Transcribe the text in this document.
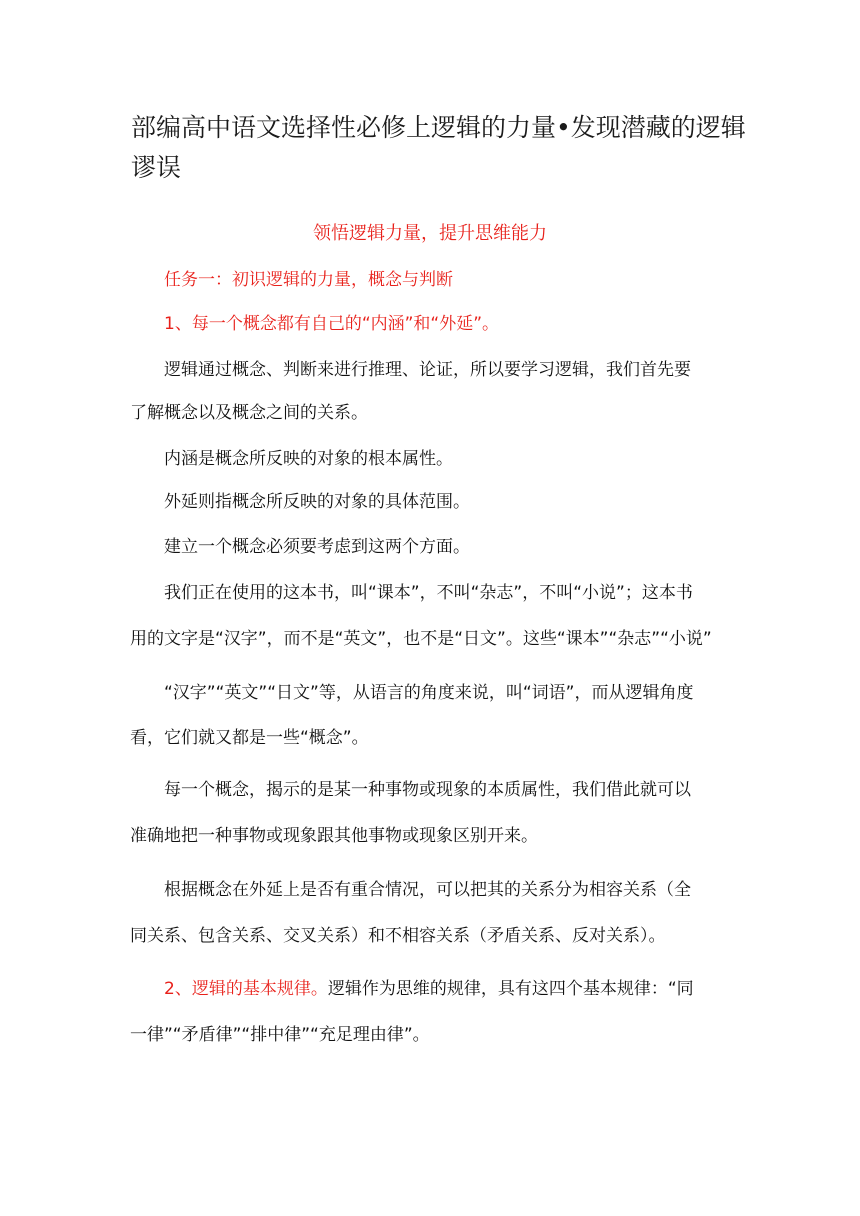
部编高中语文选择性必修上逻辑的力量•发现潜藏的逻辑
谬误
领悟逻辑力量，提升思维能力

任务一：初识逻辑的力量，概念与判断

1、每一个概念都有自己的“内涵”和“外延”。

逻辑通过概念、判断来进行推理、论证，所以要学习逻辑，我们首先要

了解概念以及概念之间的关系。

内涵是概念所反映的对象的根本属性。

外延则指概念所反映的对象的具体范围。

建立一个概念必须要考虑到这两个方面。

我们正在使用的这本书，叫“课本”，不叫“杂志”，不叫“小说”；这本书

用的文字是“汉字”，而不是“英文”，也不是“日文”。这些“课本”“杂志”“小说”

“汉字”“英文”“日文”等，从语言的角度来说，叫“词语”，而从逻辑角度

看，它们就又都是一些“概念”。

每一个概念，揭示的是某一种事物或现象的本质属性，我们借此就可以

准确地把一种事物或现象跟其他事物或现象区别开来。

根据概念在外延上是否有重合情况，可以把其的关系分为相容关系（全

同关系、包含关系、交叉关系）和不相容关系（矛盾关系、反对关系）。

2、逻辑的基本规律。逻辑作为思维的规律，具有这四个基本规律：“同

一律”“矛盾律”“排中律”“充足理由律”。
